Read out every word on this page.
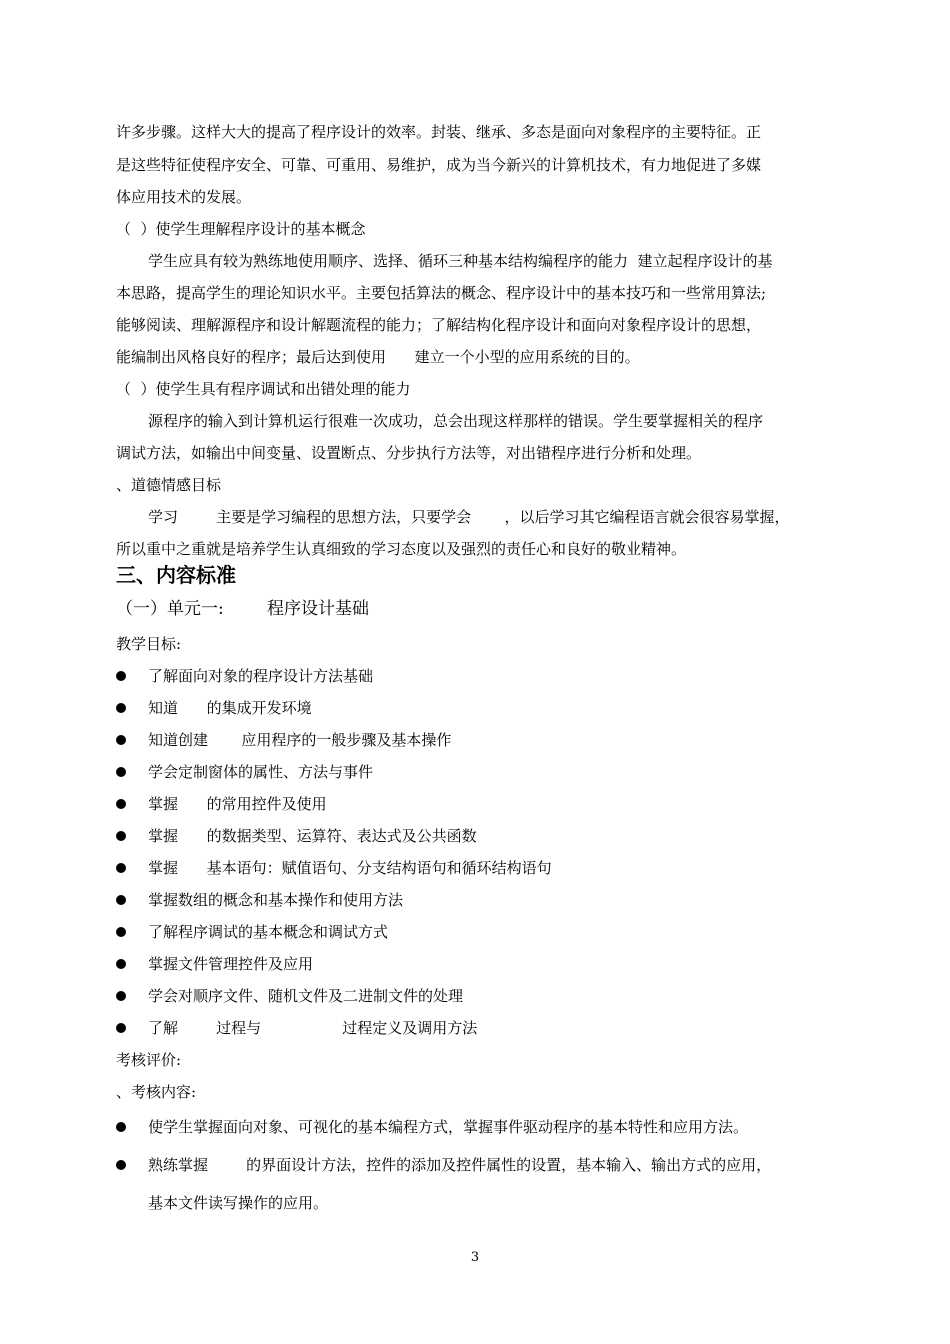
许多步骤。这样大大的提高了程序设计的效率。封装、继承、多态是面向对象程序的主要特征。正
是这些特征使程序安全、可靠、可重用、易维护，成为当今新兴的计算机技术，有力地促进了多媒
体应用技术的发展。
（  ）使学生理解程序设计的基本概念
学生应具有较为熟练地使用顺序、选择、循环三种基本结构编程序的能力  建立起程序设计的基
本思路，提高学生的理论知识水平。主要包括算法的概念、程序设计中的基本技巧和一些常用算法;
能够阅读、理解源程序和设计解题流程的能力；了解结构化程序设计和面向对象程序设计的思想，
能编制出风格良好的程序；最后达到使用      建立一个小型的应用系统的目的。
（  ）使学生具有程序调试和出错处理的能力
源程序的输入到计算机运行很难一次成功，总会出现这样那样的错误。学生要掌握相关的程序
调试方法，如输出中间变量、设置断点、分步执行方法等，对出错程序进行分析和处理。
、道德情感目标
学习        主要是学习编程的思想方法，只要学会       ，以后学习其它编程语言就会很容易掌握，
所以重中之重就是培养学生认真细致的学习态度以及强烈的责任心和良好的敬业精神。
三、内容标准
（一）单元一:        程序设计基础
教学目标:
了解面向对象的程序设计方法基础
知道      的集成开发环境
知道创建       应用程序的一般步骤及基本操作
学会定制窗体的属性、方法与事件
掌握      的常用控件及使用
掌握      的数据类型、运算符、表达式及公共函数
掌握      基本语句：赋值语句、分支结构语句和循环结构语句
掌握数组的概念和基本操作和使用方法
了解程序调试的基本概念和调试方式
掌握文件管理控件及应用
学会对顺序文件、随机文件及二进制文件的处理
了解        过程与                 过程定义及调用方法
考核评价:
、考核内容:
使学生掌握面向对象、可视化的基本编程方式，掌握事件驱动程序的基本特性和应用方法。
熟练掌握        的界面设计方法，控件的添加及控件属性的设置，基本输入、输出方式的应用，
基本文件读写操作的应用。
3
